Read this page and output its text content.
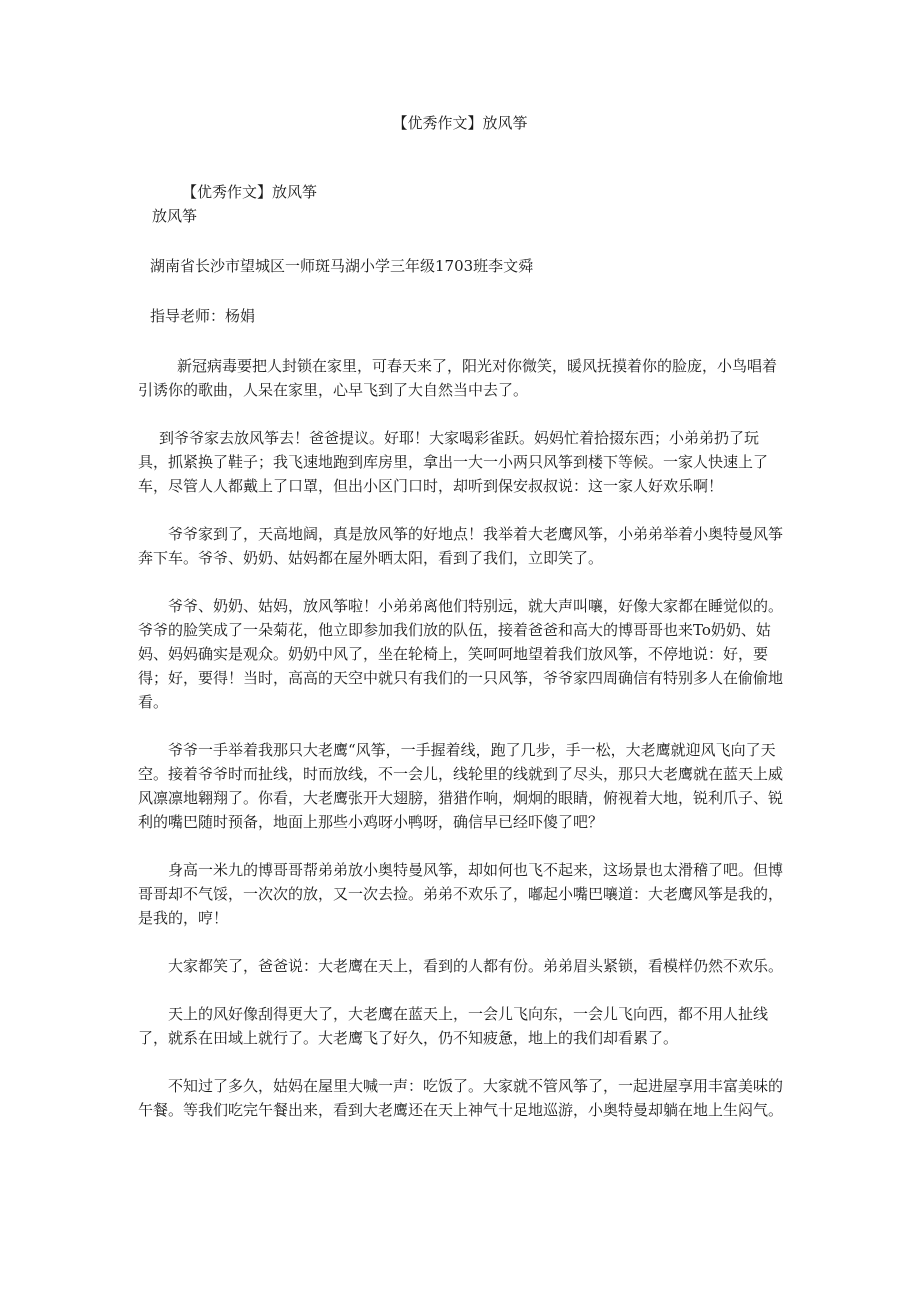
【优秀作文】放风筝

【优秀作文】放风筝

放风筝

湖南省长沙市望城区一师斑马湖小学三年级1703班李文舜

指导老师：杨娟

新冠病毒要把人封锁在家里，可春天来了，阳光对你微笑，暖风抚摸着你的脸庞，小鸟唱着引诱你的歌曲，人呆在家里，心早飞到了大自然当中去了。

到爷爷家去放风筝去！爸爸提议。好耶！大家喝彩雀跃。妈妈忙着拾掇东西；小弟弟扔了玩具，抓紧换了鞋子；我飞速地跑到库房里，拿出一大一小两只风筝到楼下等候。一家人快速上了车，尽管人人都戴上了口罩，但出小区门口时，却听到保安叔叔说：这一家人好欢乐啊！

爷爷家到了，天高地阔，真是放风筝的好地点！我举着大老鹰风筝，小弟弟举着小奥特曼风筝奔下车。爷爷、奶奶、姑妈都在屋外晒太阳，看到了我们，立即笑了。

爷爷、奶奶、姑妈，放风筝啦！小弟弟离他们特别远，就大声叫嚷，好像大家都在睡觉似的。爷爷的脸笑成了一朵菊花，他立即参加我们放的队伍，接着爸爸和高大的博哥哥也来To奶奶、姑妈、妈妈确实是观众。奶奶中风了，坐在轮椅上，笑呵呵地望着我们放风筝，不停地说：好，要得；好，要得！当时，高高的天空中就只有我们的一只风筝，爷爷家四周确信有特别多人在偷偷地看。

爷爷一手举着我那只大老鹰“风筝，一手握着线，跑了几步，手一松，大老鹰就迎风飞向了天空。接着爷爷时而扯线，时而放线，不一会儿，线轮里的线就到了尽头，那只大老鹰就在蓝天上威风凛凛地翱翔了。你看，大老鹰张开大翅膀，猎猎作响，炯炯的眼睛，俯视着大地，锐利爪子、锐利的嘴巴随时预备，地面上那些小鸡呀小鸭呀，确信早已经吓傻了吧？

身高一米九的博哥哥帮弟弟放小奥特曼风筝，却如何也飞不起来，这场景也太滑稽了吧。但博哥哥却不气馁，一次次的放，又一次去捡。弟弟不欢乐了，嘟起小嘴巴嚷道：大老鹰风筝是我的，是我的，哼！

大家都笑了，爸爸说：大老鹰在天上，看到的人都有份。弟弟眉头紧锁，看模样仍然不欢乐。

天上的风好像刮得更大了，大老鹰在蓝天上，一会儿飞向东，一会儿飞向西，都不用人扯线了，就系在田域上就行了。大老鹰飞了好久，仍不知疲惫，地上的我们却看累了。

不知过了多久，姑妈在屋里大喊一声：吃饭了。大家就不管风筝了，一起进屋享用丰富美味的午餐。等我们吃完午餐出来，看到大老鹰还在天上神气十足地巡游，小奥特曼却躺在地上生闷气。
